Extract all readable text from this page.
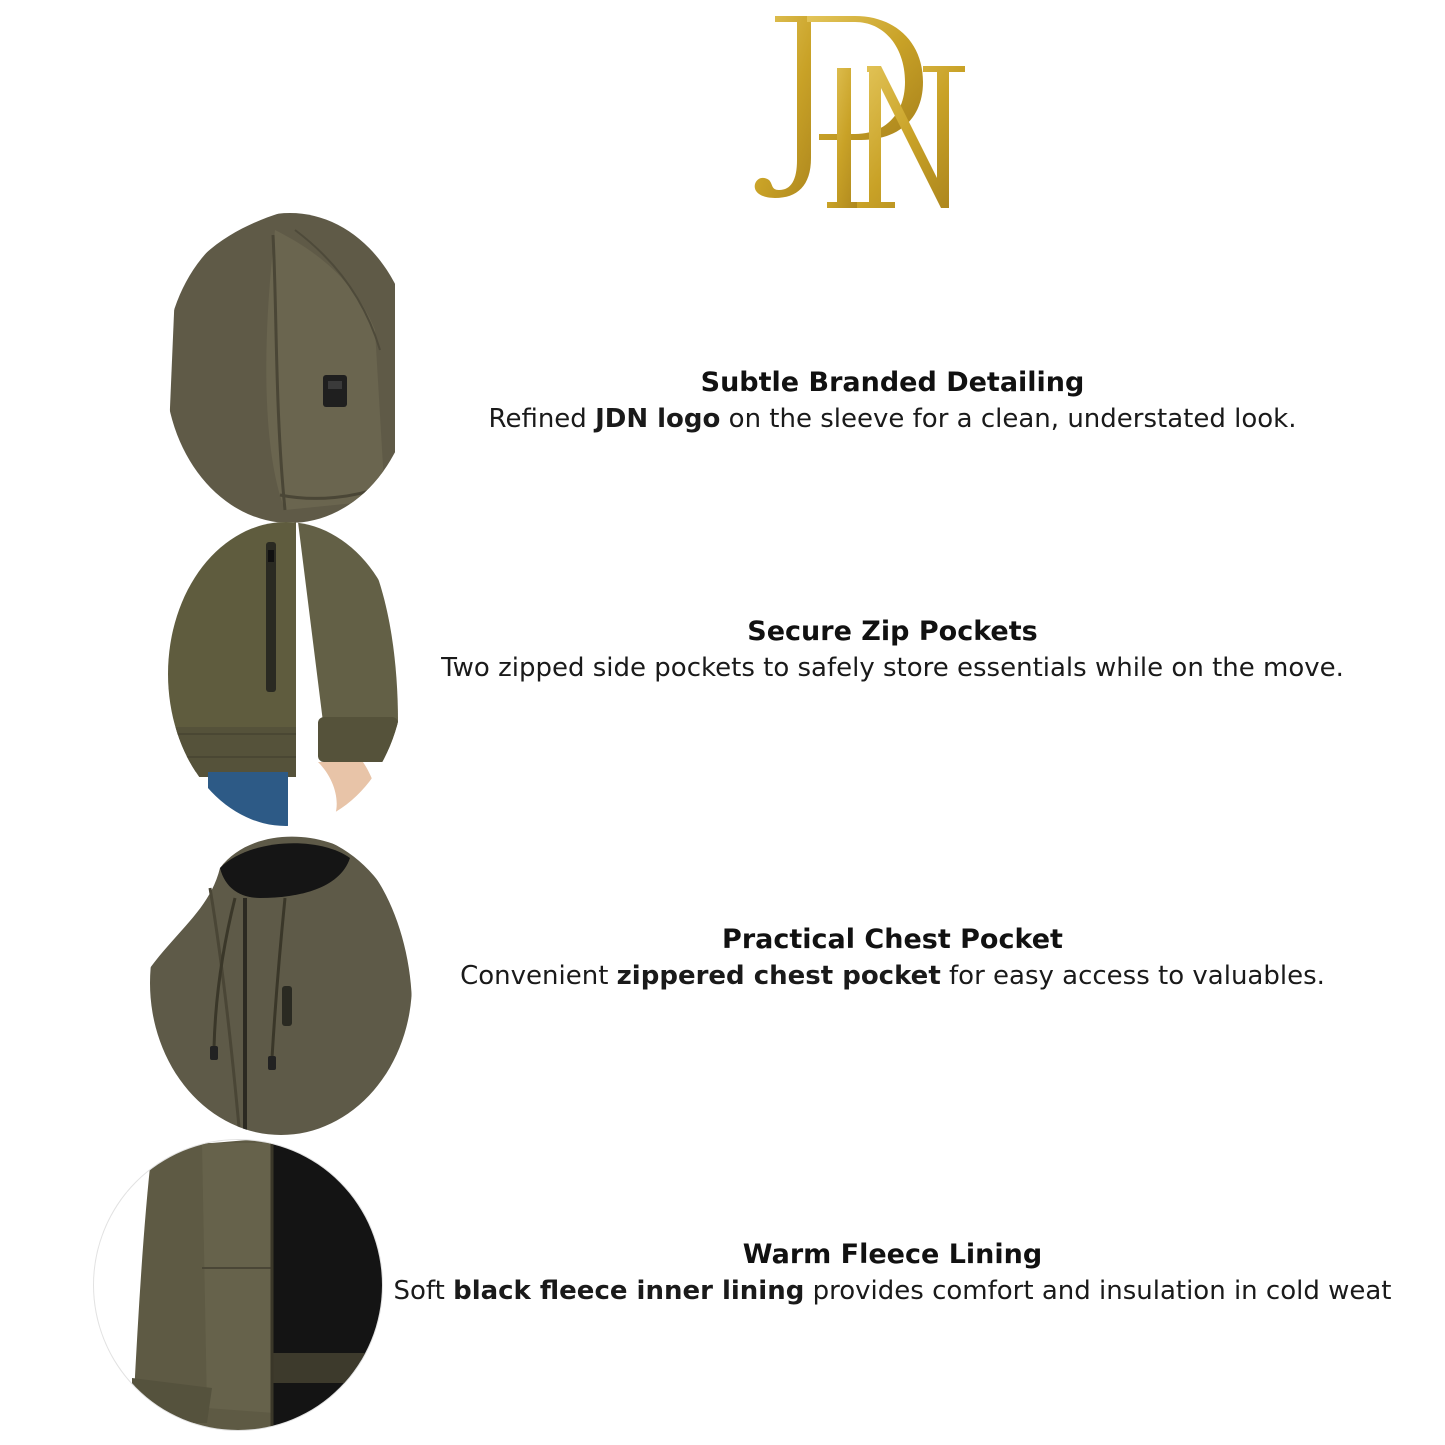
Subtle Branded Detailing
Refined JDN logo on the sleeve for a clean, understated look.
Secure Zip Pockets
Two zipped side pockets to safely store essentials while on the move.
Practical Chest Pocket
Convenient zippered chest pocket for easy access to valuables.
Warm Fleece Lining
Soft black fleece inner lining provides comfort and insulation in cold weat
